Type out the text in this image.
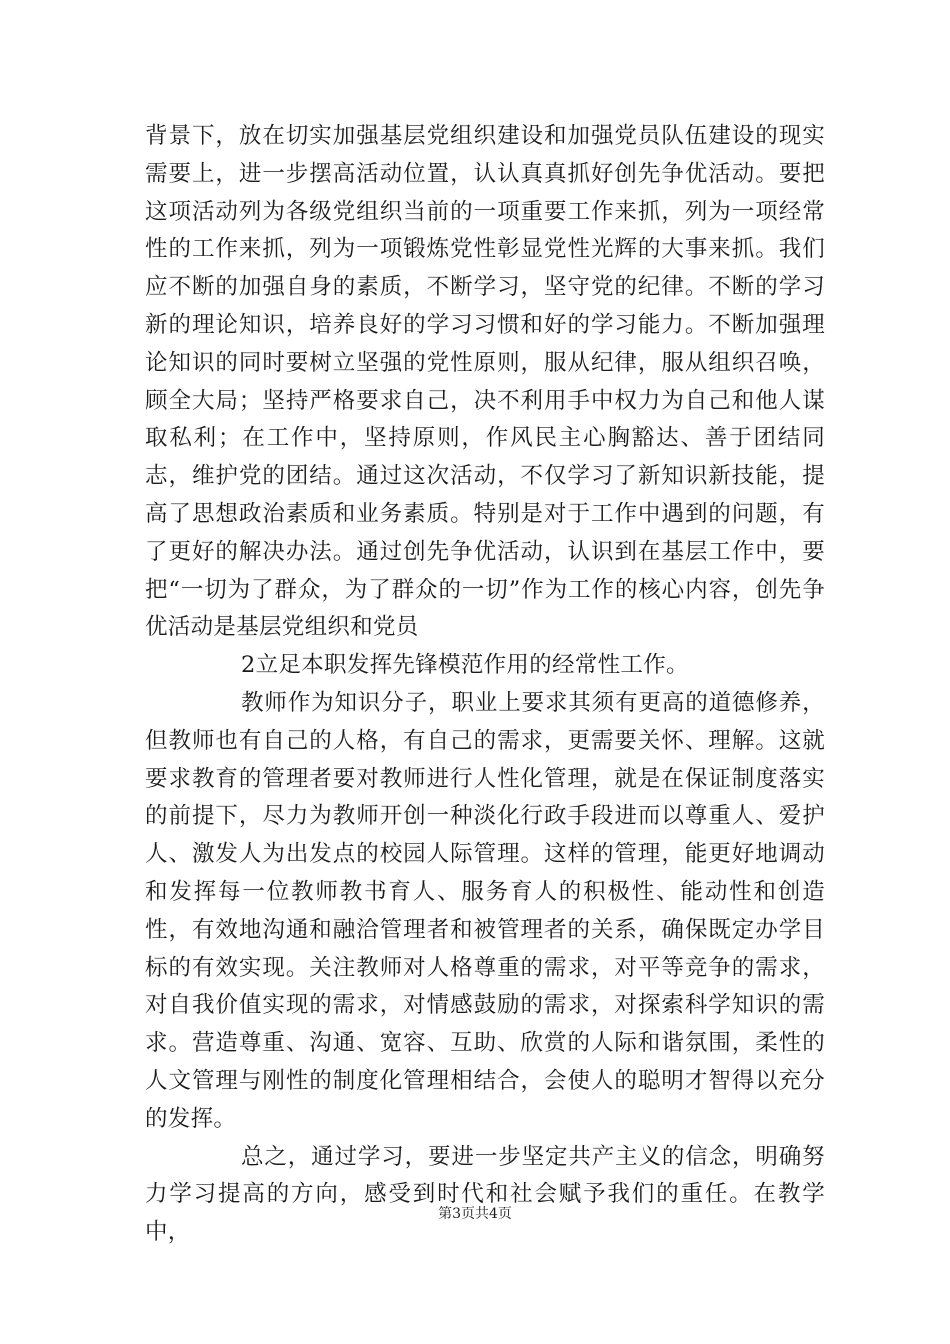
背景下，放在切实加强基层党组织建设和加强党员队伍建设的现实需要上，进一步摆高活动位置，认认真真抓好创先争优活动。要把这项活动列为各级党组织当前的一项重要工作来抓，列为一项经常性的工作来抓，列为一项锻炼党性彰显党性光辉的大事来抓。我们应不断的加强自身的素质，不断学习，坚守党的纪律。不断的学习新的理论知识，培养良好的学习习惯和好的学习能力。不断加强理论知识的同时要树立坚强的党性原则，服从纪律，服从组织召唤，顾全大局；坚持严格要求自己，决不利用手中权力为自己和他人谋取私利；在工作中，坚持原则，作风民主心胸豁达、善于团结同志，维护党的团结。通过这次活动，不仅学习了新知识新技能，提高了思想政治素质和业务素质。特别是对于工作中遇到的问题，有了更好的解决办法。通过创先争优活动，认识到在基层工作中，要把“一切为了群众，为了群众的一切”作为工作的核心内容，创先争优活动是基层党组织和党员

2立足本职发挥先锋模范作用的经常性工作。

教师作为知识分子，职业上要求其须有更高的道德修养，但教师也有自己的人格，有自己的需求，更需要关怀、理解。这就要求教育的管理者要对教师进行人性化管理，就是在保证制度落实的前提下，尽力为教师开创一种淡化行政手段进而以尊重人、爱护人、激发人为出发点的校园人际管理。这样的管理，能更好地调动和发挥每一位教师教书育人、服务育人的积极性、能动性和创造性，有效地沟通和融洽管理者和被管理者的关系，确保既定办学目标的有效实现。关注教师对人格尊重的需求，对平等竞争的需求，对自我价值实现的需求，对情感鼓励的需求，对探索科学知识的需求。营造尊重、沟通、宽容、互助、欣赏的人际和谐氛围，柔性的人文管理与刚性的制度化管理相结合，会使人的聪明才智得以充分的发挥。

总之，通过学习，要进一步坚定共产主义的信念，明确努力学习提高的方向，感受到时代和社会赋予我们的重任。在教学中，

第3页共4页
